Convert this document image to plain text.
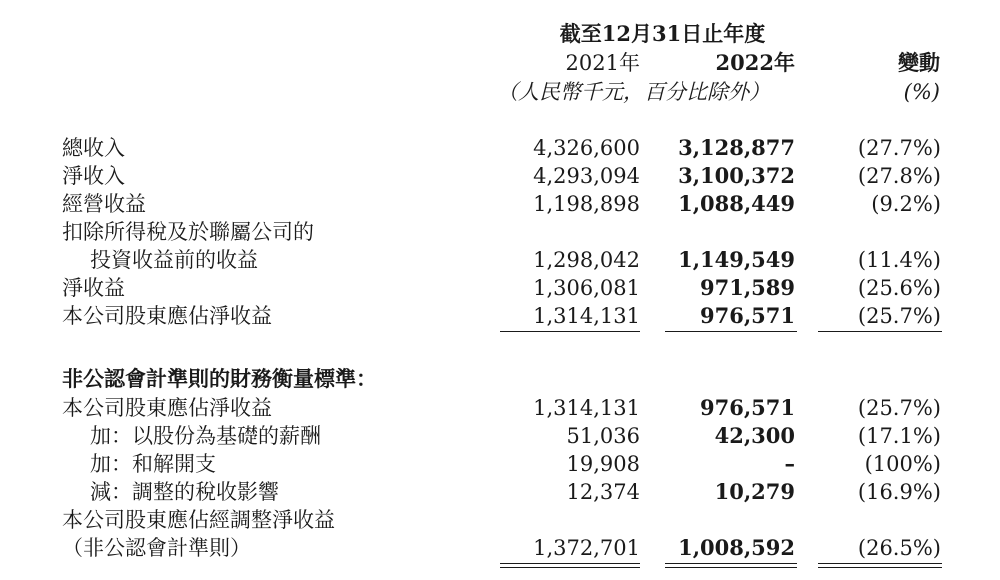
截至12月31日止年度
2021年	2022年	變動
（人民幣千元，百分比除外）	(%)
總收入	4,326,600	3,128,877	(27.7%)
淨收入	4,293,094	3,100,372	(27.8%)
經營收益	1,198,898	1,088,449	(9.2%)
扣除所得稅及於聯屬公司的
投資收益前的收益	1,298,042	1,149,549	(11.4%)
淨收益	1,306,081	971,589	(25.6%)
本公司股東應佔淨收益	1,314,131	976,571	(25.7%)
非公認會計準則的財務衡量標準：
本公司股東應佔淨收益	1,314,131	976,571	(25.7%)
加：以股份為基礎的薪酬	51,036	42,300	(17.1%)
加：和解開支	19,908	–	(100%)
減：調整的稅收影響	12,374	10,279	(16.9%)
本公司股東應佔經調整淨收益
（非公認會計準則）	1,372,701	1,008,592	(26.5%)
